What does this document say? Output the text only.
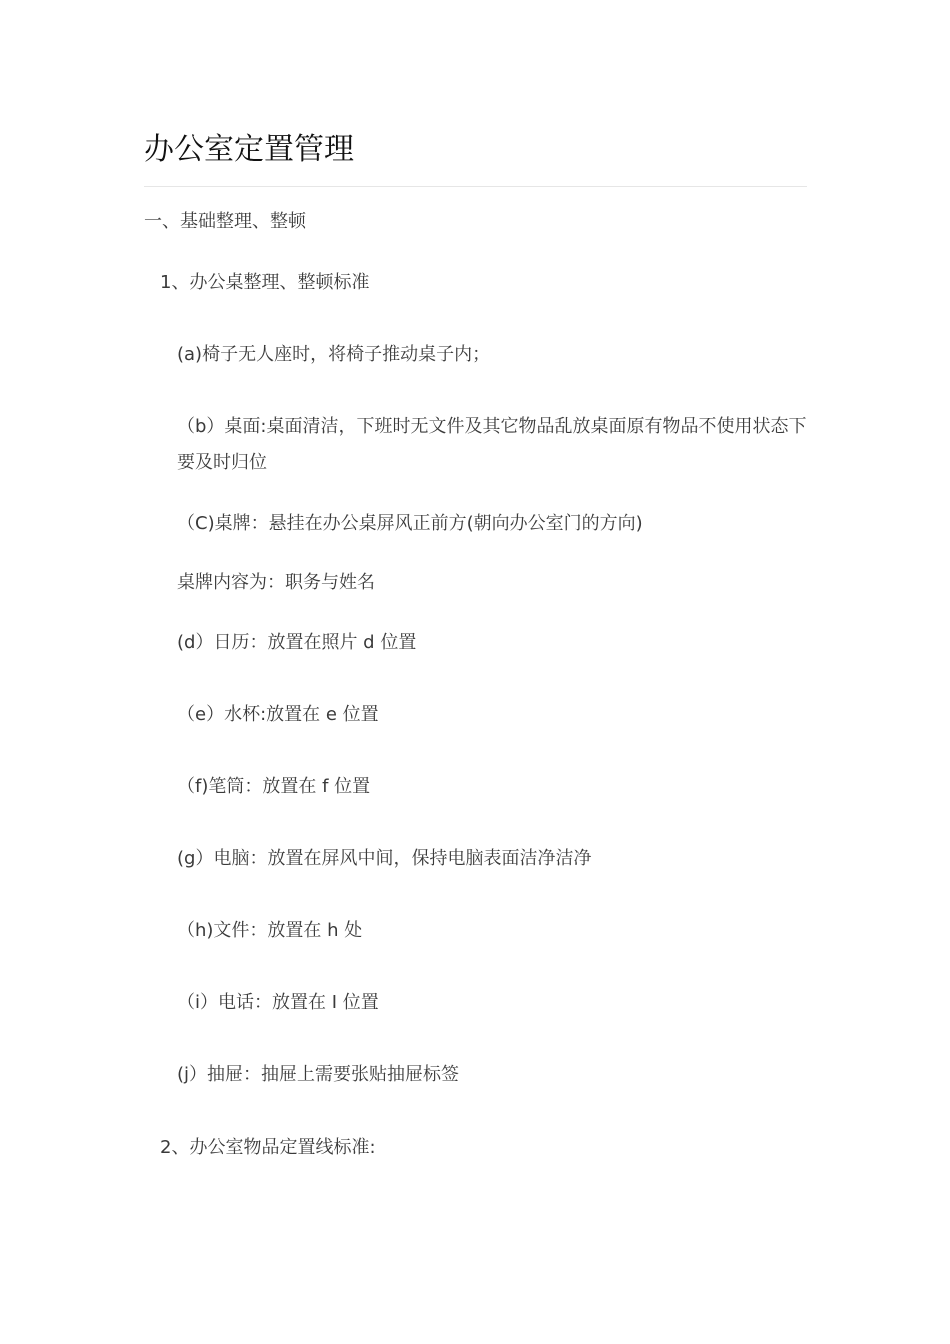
办公室定置管理

一、基础整理、整顿

1、办公桌整理、整顿标准

(a)椅子无人座时，将椅子推动桌子内；

（b）桌面:桌面清洁，下班时无文件及其它物品乱放桌面原有物品不使用状态下要及时归位

（C)桌牌：悬挂在办公桌屏风正前方(朝向办公室门的方向)

桌牌内容为：职务与姓名

(d）日历：放置在照片 d 位置

（e）水杯:放置在 e 位置

（f)笔筒：放置在 f 位置

(g）电脑：放置在屏风中间，保持电脑表面洁净洁净

（h)文件：放置在 h 处

（i）电话：放置在 I 位置

(j）抽屉：抽屉上需要张贴抽屉标签

2、办公室物品定置线标准:
